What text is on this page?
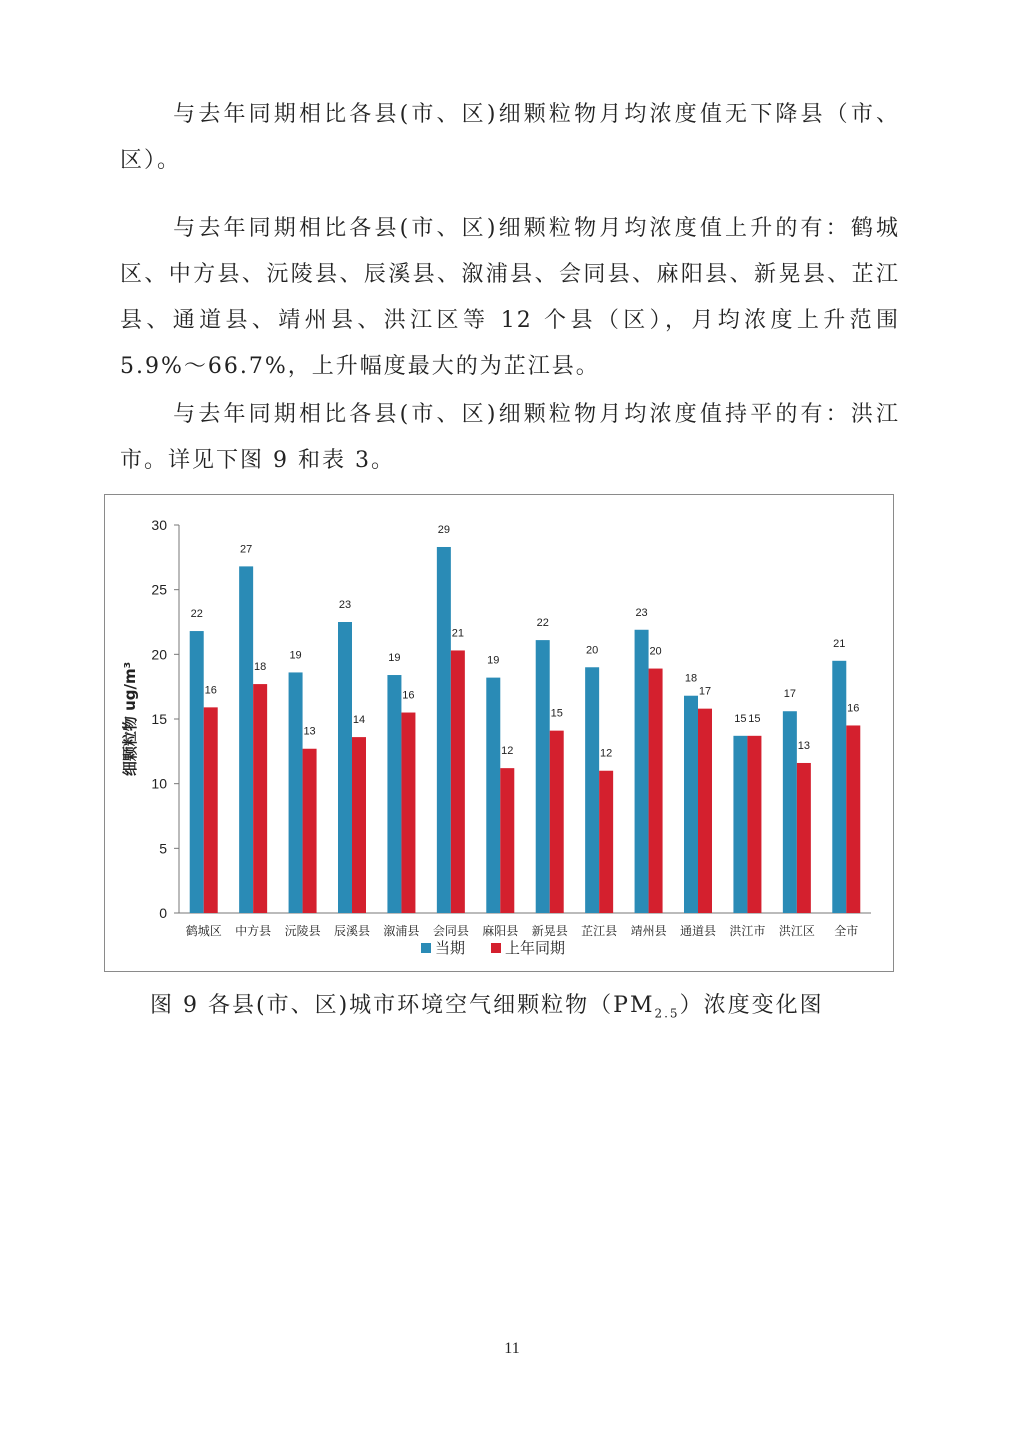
与去年同期相比各县(市、区)细颗粒物月均浓度值无下降县（市、区）。
与去年同期相比各县(市、区)细颗粒物月均浓度值上升的有：鹤城区、中方县、沅陵县、辰溪县、溆浦县、会同县、麻阳县、新晃县、芷江县、通道县、靖州县、洪江区等 12 个县（区），月均浓度上升范围 5.9%～66.7%，上升幅度最大的为芷江县。
与去年同期相比各县(市、区)细颗粒物月均浓度值持平的有：洪江市。详见下图 9 和表 3。
0
5
10
15
20
25
30
细颗粒物 ug/m³
22
16
鹤城区
27
18
中方县
19
13
沅陵县
23
14
辰溪县
19
16
溆浦县
29
21
会同县
19
12
麻阳县
22
15
新晃县
20
12
芷江县
23
20
靖州县
18
17
通道县
15 15
洪江市
17
13
洪江区
21
16
全市
当期	上年同期
图 9 各县(市、区)城市环境空气细颗粒物$(PM_{2.5})$浓度变化图
11
